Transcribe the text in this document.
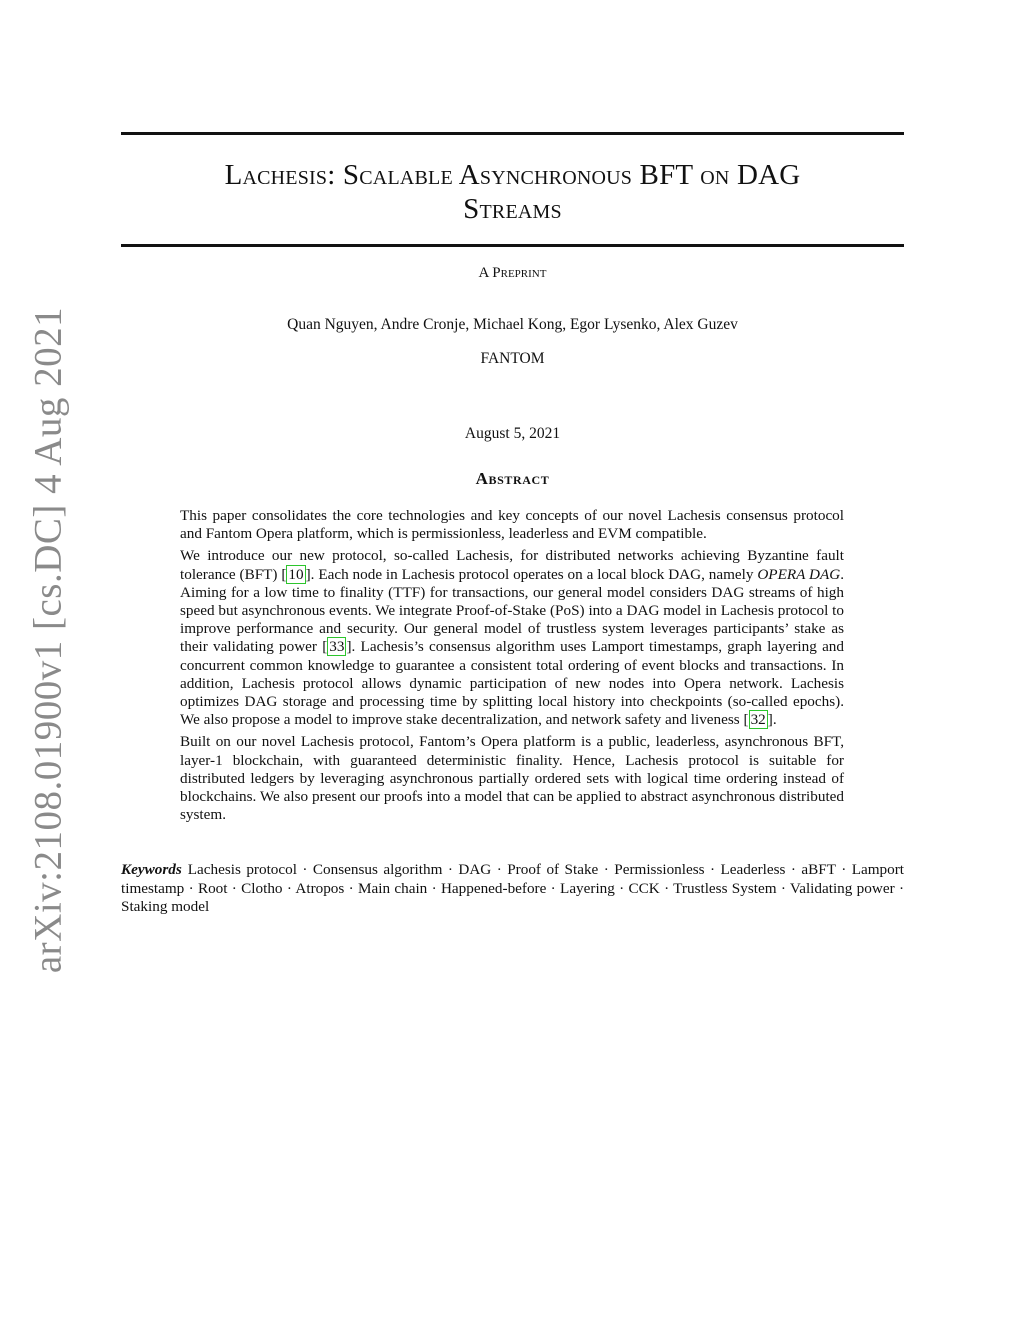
Lachesis: Scalable Asynchronous BFT on DAG
Streams
A Preprint
Quan Nguyen, Andre Cronje, Michael Kong, Egor Lysenko, Alex Guzev
FANTOM
August 5, 2021
Abstract

This paper consolidates the core technologies and key concepts of our novel Lachesis consensus protocol and Fantom Opera platform, which is permissionless, leaderless and EVM compatible.

We introduce our new protocol, so-called Lachesis, for distributed networks achieving Byzantine fault tolerance (BFT) [ 10 ]. Each node in Lachesis protocol operates on a local block DAG, namely OPERA DAG. Aiming for a low time to finality (TTF) for transactions, our general model considers DAG streams of high speed but asynchronous events. We integrate Proof-of-Stake (PoS) into a DAG model in Lachesis protocol to improve performance and security. Our general model of trustless system leverages participants’ stake as their validating power [ 33 ]. Lachesis’s consensus algorithm uses Lamport timestamps, graph layering and concurrent common knowledge to guarantee a consistent total ordering of event blocks and transactions. In addition, Lachesis protocol allows dynamic participation of new nodes into Opera network. Lachesis optimizes DAG storage and processing time by splitting local history into checkpoints (so-called epochs). We also propose a model to improve stake decentralization, and network safety and liveness [ 32 ].

Built on our novel Lachesis protocol, Fantom’s Opera platform is a public, leaderless, asynchronous BFT, layer-1 blockchain, with guaranteed deterministic finality. Hence, Lachesis protocol is suitable for distributed ledgers by leveraging asynchronous partially ordered sets with logical time ordering instead of blockchains. We also present our proofs into a model that can be applied to abstract asynchronous distributed system.

Keywords Lachesis protocol · Consensus algorithm · DAG · Proof of Stake · Permissionless · Leaderless · aBFT · Lamport timestamp · Root · Clotho · Atropos · Main chain · Happened-before · Layering · CCK · Trustless System · Validating power · Staking model
arXiv:2108.01900v1 [cs.DC] 4 Aug 2021
